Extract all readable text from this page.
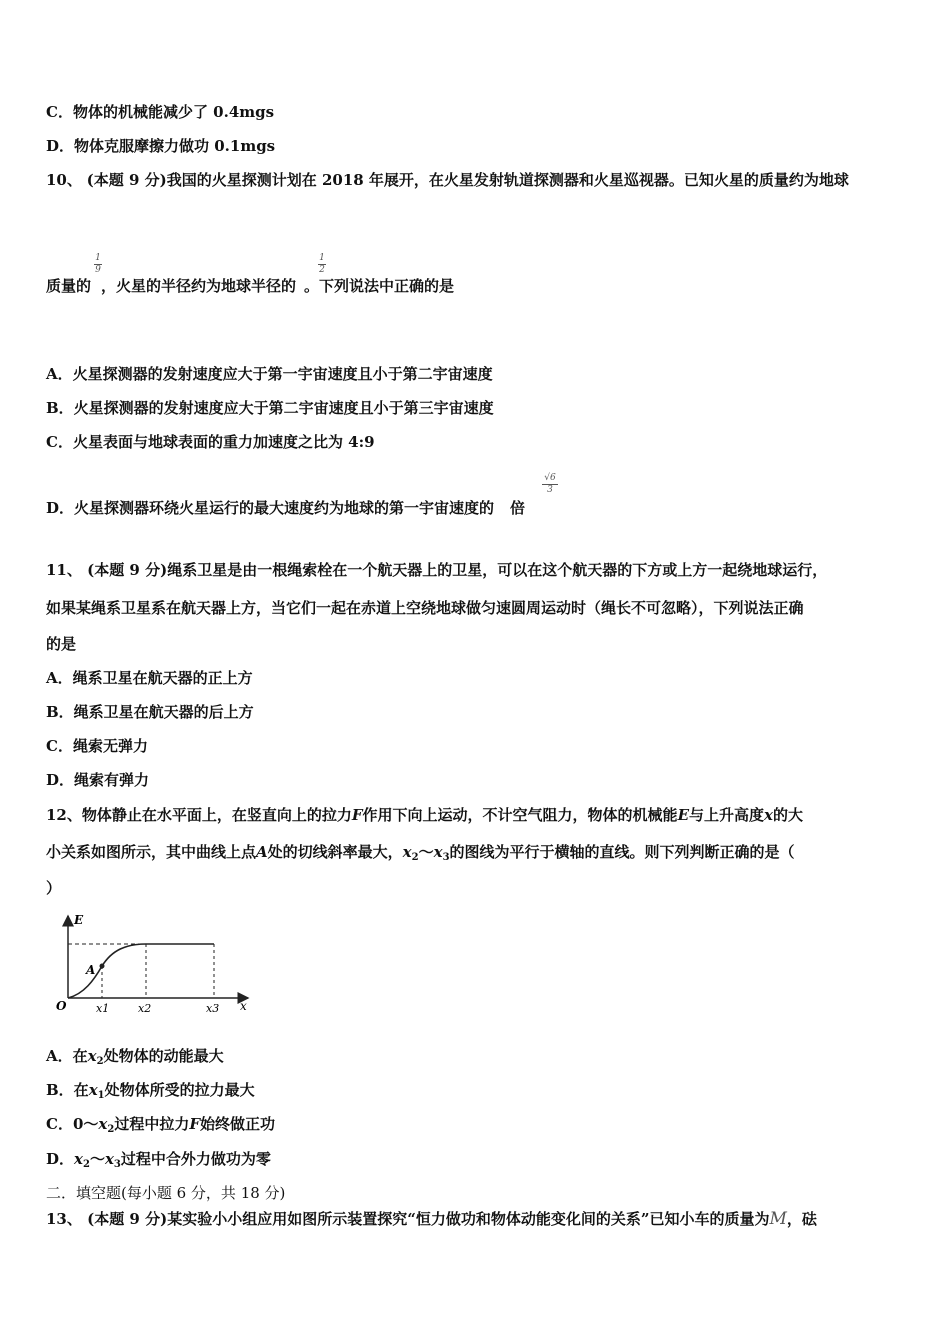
C．物体的机械能减少了 0.4mgs
D．物体克服摩擦力做功 0.1mgs
10、 (本题 9 分)我国的火星探测计划在 2018 年展开，在火星发射轨道探测器和火星巡视器。已知火星的质量约为地球
质量的 ，火星的半径约为地球半径的 。下列说法中正确的是
1
9
1
2
A．火星探测器的发射速度应大于第一宇宙速度且小于第二宇宙速度
B．火星探测器的发射速度应大于第二宇宙速度且小于第三宇宙速度
C．火星表面与地球表面的重力加速度之比为 4:9
D．火星探测器环绕火星运行的最大速度约为地球的第一宇宙速度的 倍
√6
3
11、 (本题 9 分)绳系卫星是由一根绳索栓在一个航天器上的卫星，可以在这个航天器的下方或上方一起绕地球运行，
如果某绳系卫星系在航天器上方，当它们一起在赤道上空绕地球做匀速圆周运动时（绳长不可忽略），下列说法正确
的是
A．绳系卫星在航天器的正上方
B．绳系卫星在航天器的后上方
C．绳索无弹力
D．绳索有弹力
12、物体静止在水平面上，在竖直向上的拉力F作用下向上运动，不计空气阻力，物体的机械能E与上升高度x的大
小关系如图所示，其中曲线上点A处的切线斜率最大，$x_2\sim x_3$的图线为平行于横轴的直线。则下列判断正确的是（
）
E
x
O
A
x1	x2	x3
A．在$x_2$处物体的动能最大
B．在$x_1$处物体所受的拉力最大
C．$0\sim x_2$过程中拉力F始终做正功
D．$x_2\sim x_3$过程中合外力做功为零
二．填空题(每小题 6 分，共 18 分)
13、 (本题 9 分)某实验小小组应用如图所示装置探究“恒力做功和物体动能变化间的关系”已知小车的质量为M，砝
